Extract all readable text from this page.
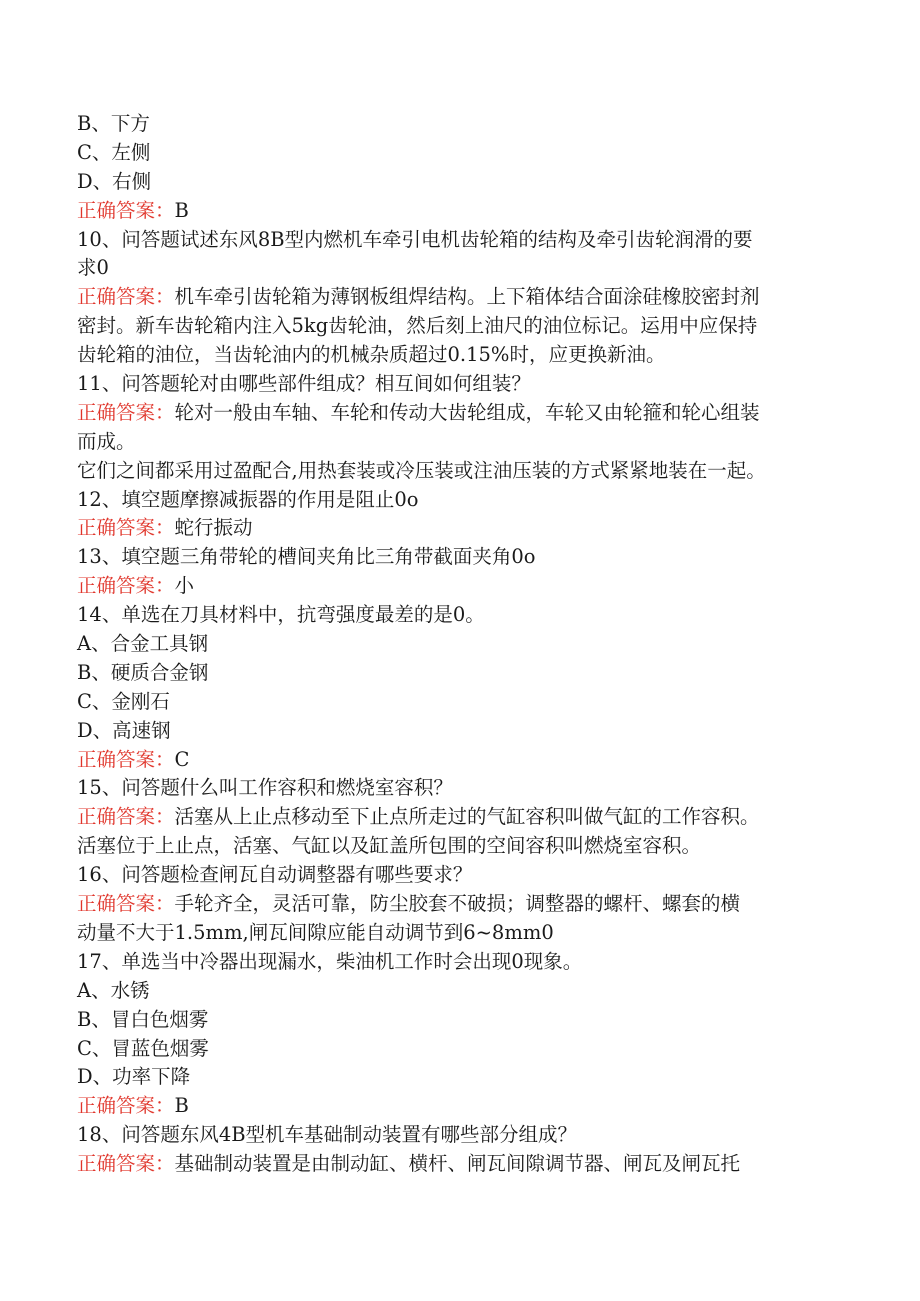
B、下方
C、左侧
D、右侧
正确答案：B
10、问答题试述东风8B型内燃机车牵引电机齿轮箱的结构及牵引齿轮润滑的要
求0
正确答案：机车牵引齿轮箱为薄钢板组焊结构。上下箱体结合面涂硅橡胶密封剂
密封。新车齿轮箱内注入5kg齿轮油，然后刻上油尺的油位标记。运用中应保持
齿轮箱的油位，当齿轮油内的机械杂质超过0.15%时，应更换新油。
11、问答题轮对由哪些部件组成？相互间如何组装？
正确答案：轮对一般由车轴、车轮和传动大齿轮组成，车轮又由轮箍和轮心组装
而成。
它们之间都采用过盈配合,用热套装或冷压装或注油压装的方式紧紧地装在一起。
12、填空题摩擦减振器的作用是阻止0o
正确答案：蛇行振动
13、填空题三角带轮的槽间夹角比三角带截面夹角0o
正确答案：小
14、单选在刀具材料中，抗弯强度最差的是0。
A、合金工具钢
B、硬质合金钢
C、金刚石
D、高速钢
正确答案：C
15、问答题什么叫工作容积和燃烧室容积？
正确答案：活塞从上止点移动至下止点所走过的气缸容积叫做气缸的工作容积。
活塞位于上止点，活塞、气缸以及缸盖所包围的空间容积叫燃烧室容积。
16、问答题检查闸瓦自动调整器有哪些要求？
正确答案：手轮齐全，灵活可靠，防尘胶套不破损；调整器的螺杆、螺套的横
动量不大于1.5mm,闸瓦间隙应能自动调节到6~8mm0
17、单选当中冷器出现漏水，柴油机工作时会出现0现象。
A、水锈
B、冒白色烟雾
C、冒蓝色烟雾
D、功率下降
正确答案：B
18、问答题东风4B型机车基础制动装置有哪些部分组成？
正确答案：基础制动装置是由制动缸、横杆、闸瓦间隙调节器、闸瓦及闸瓦托
